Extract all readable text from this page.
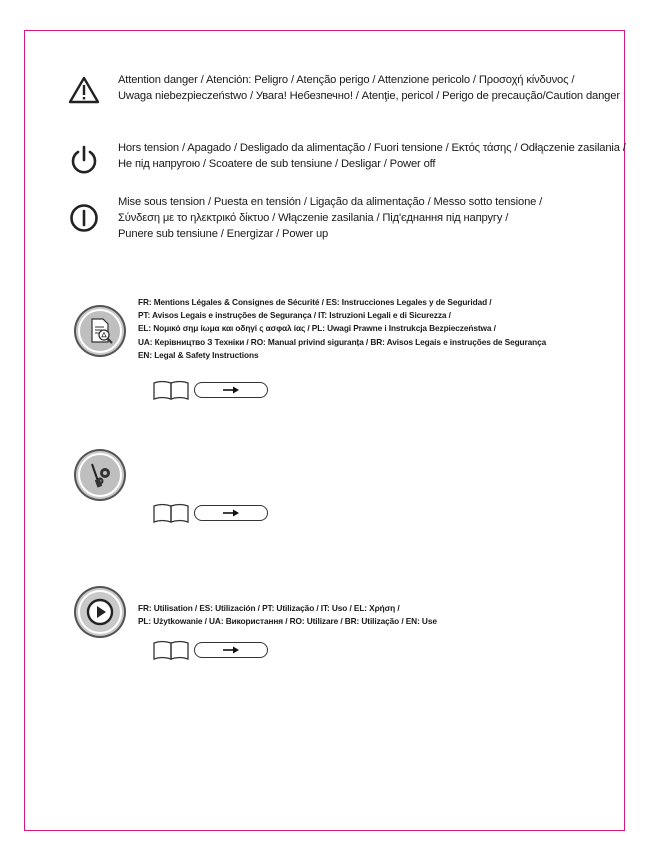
Attention danger / Atención: Peligro / Atenção perigo / Attenzione pericolo / Προσοχή κίνδυνος /
Uwaga niebezpieczeństwo / Увага! Небезпечно! / Atenţie, pericol / Perigo de precaução/Caution danger
Hors tension / Apagado / Desligado da alimentação / Fuori tensione / Εκτός τάσης / Odłączenie zasilania /
Не під напругою / Scoatere de sub tensiune / Desligar / Power off
Mise sous tension / Puesta en tensión / Ligação da alimentação / Messo sotto tensione /
Σύνδεση με το ηλεκτρικό δίκτυο / Włączenie zasilania / Під'єднання під напругу /
Punere sub tensiune / Energizar / Power up
FR: Mentions Légales & Consignes de Sécurité / ES: Instrucciones Legales y de Seguridad /
PT: Avisos Legais e instruções de Segurança / IT: Istruzioni Legali e di Sicurezza /
EL: Νομικό σημ ίωμα και οδηγί ς ασφαλ ίας / PL: Uwagi Prawne i Instrukcja Bezpieczeństwa /
UA: Керівництво З Техніки / RO: Manual privind siguranța / BR: Avisos Legais e instruções de Segurança
EN: Legal & Safety Instructions
FR: Utilisation / ES: Utilización / PT: Utilização / IT: Uso / EL: Χρήση /
PL: Użytkowanie / UA: Використання / RO: Utilizare / BR: Utilização / EN: Use
